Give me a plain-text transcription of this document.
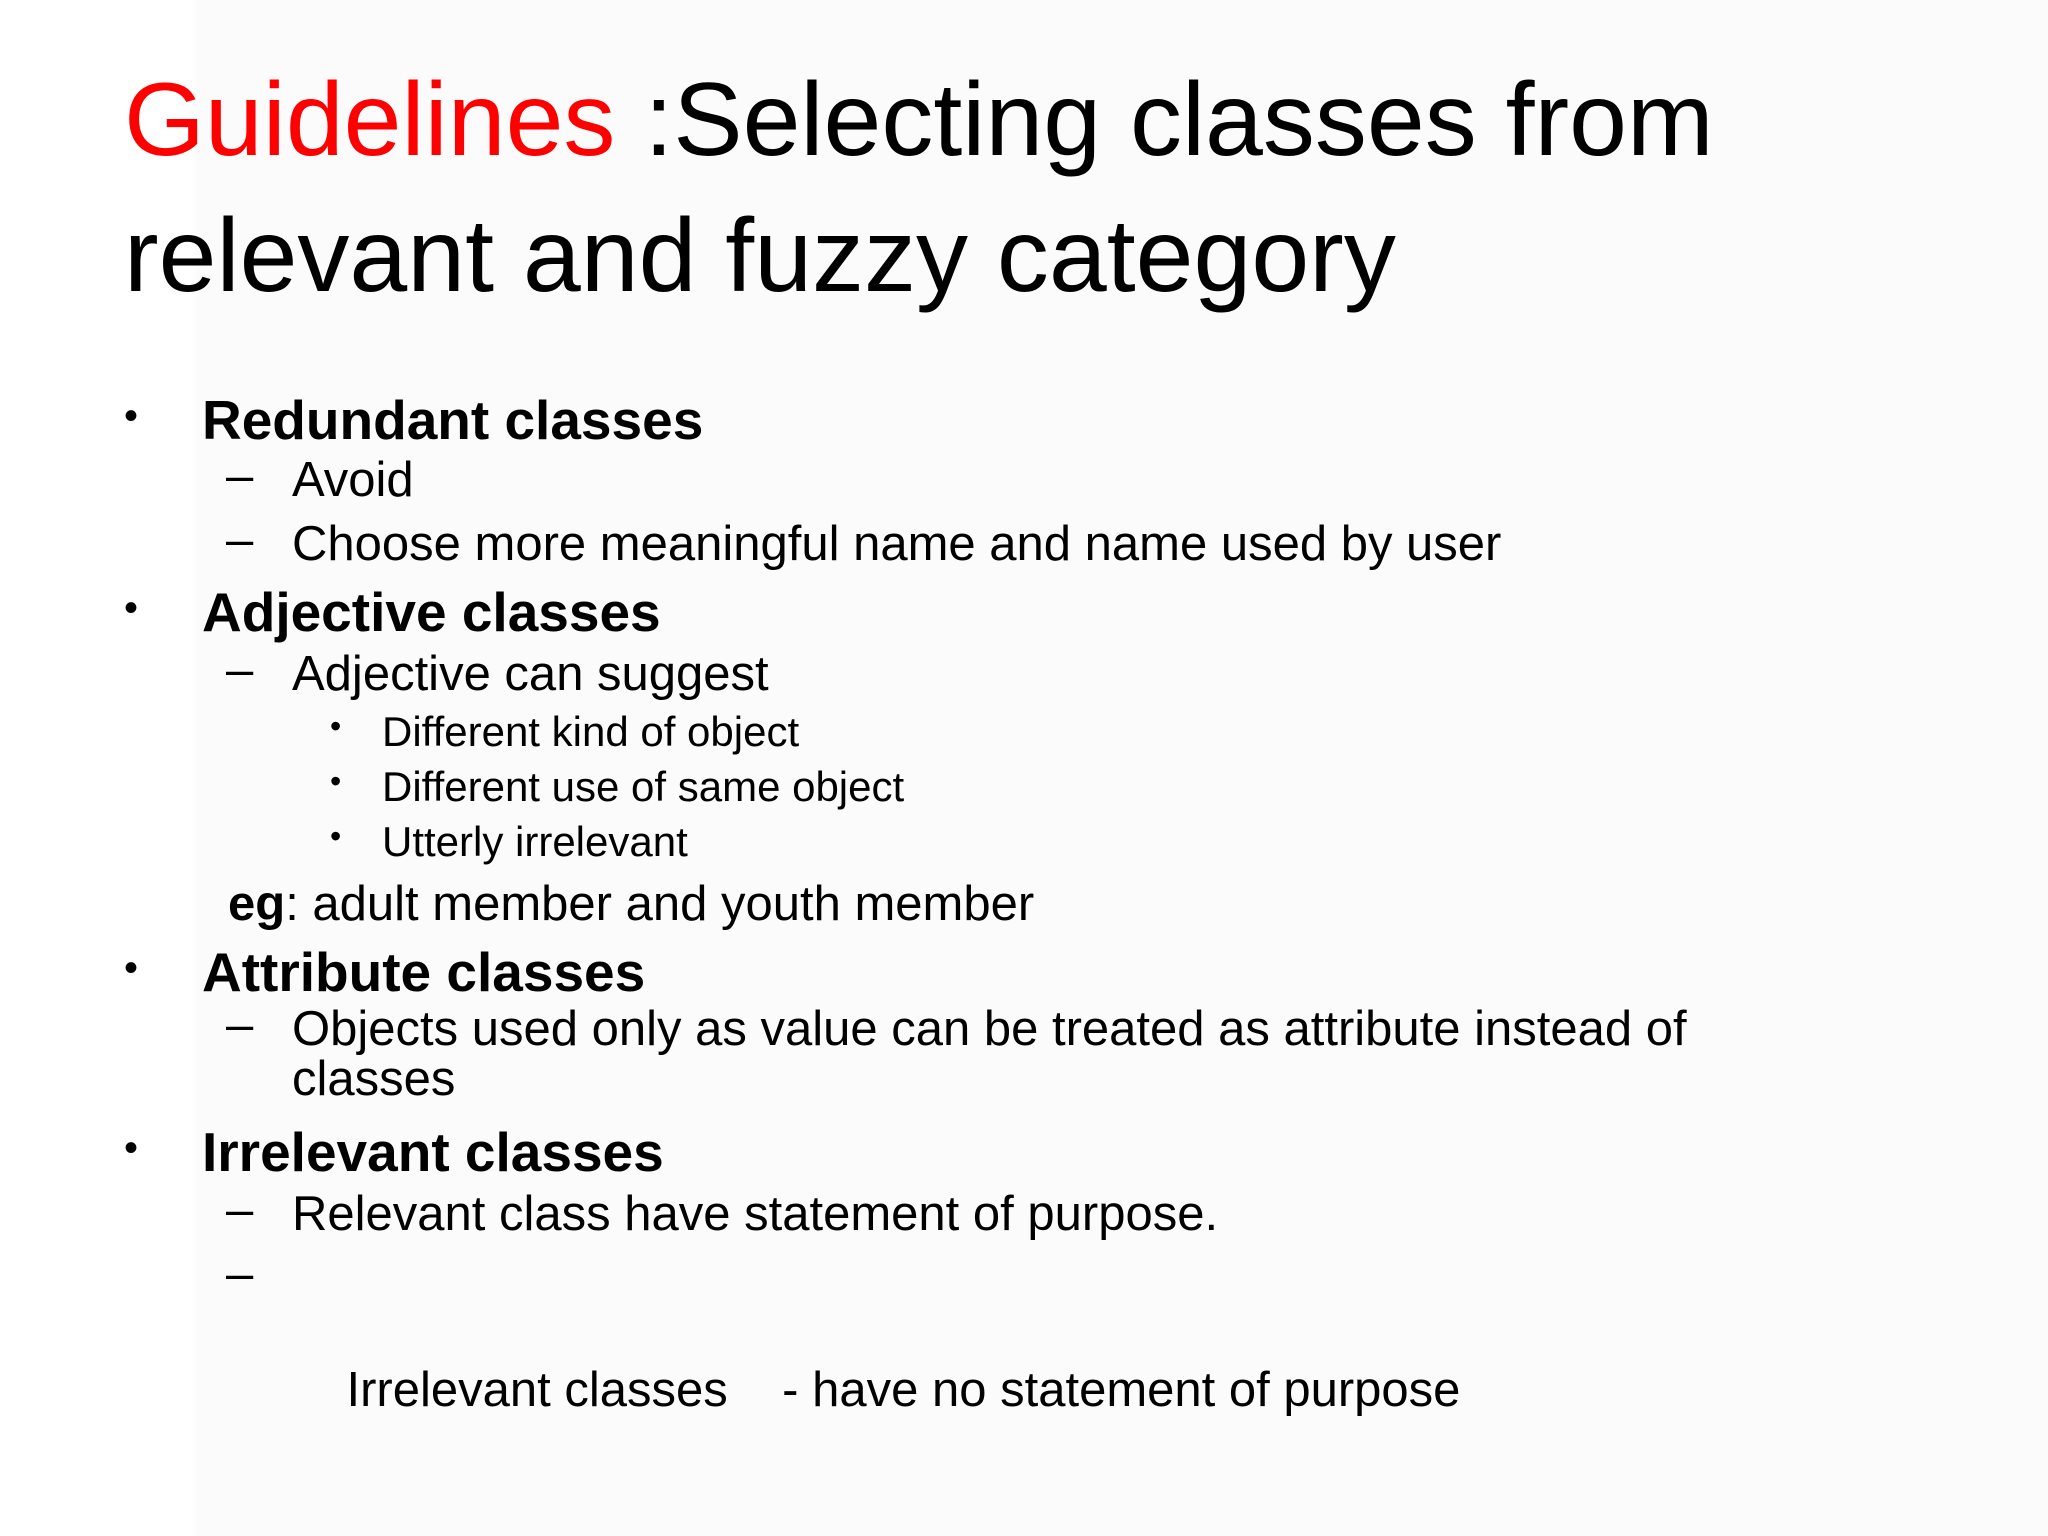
Guidelines :Selecting classes from relevant and fuzzy category
• Redundant classes
– Avoid
– Choose more meaningful name and name used by user
• Adjective classes
– Adjective can suggest
• Different kind of object
• Different use of same object
• Utterly irrelevant
eg: adult member and youth member
• Attribute classes
– Objects used only as value can be treated as attribute instead of classes
• Irrelevant classes
– Relevant class have statement of purpose.

–

Irrelevant classes    - have no statement of purpose
